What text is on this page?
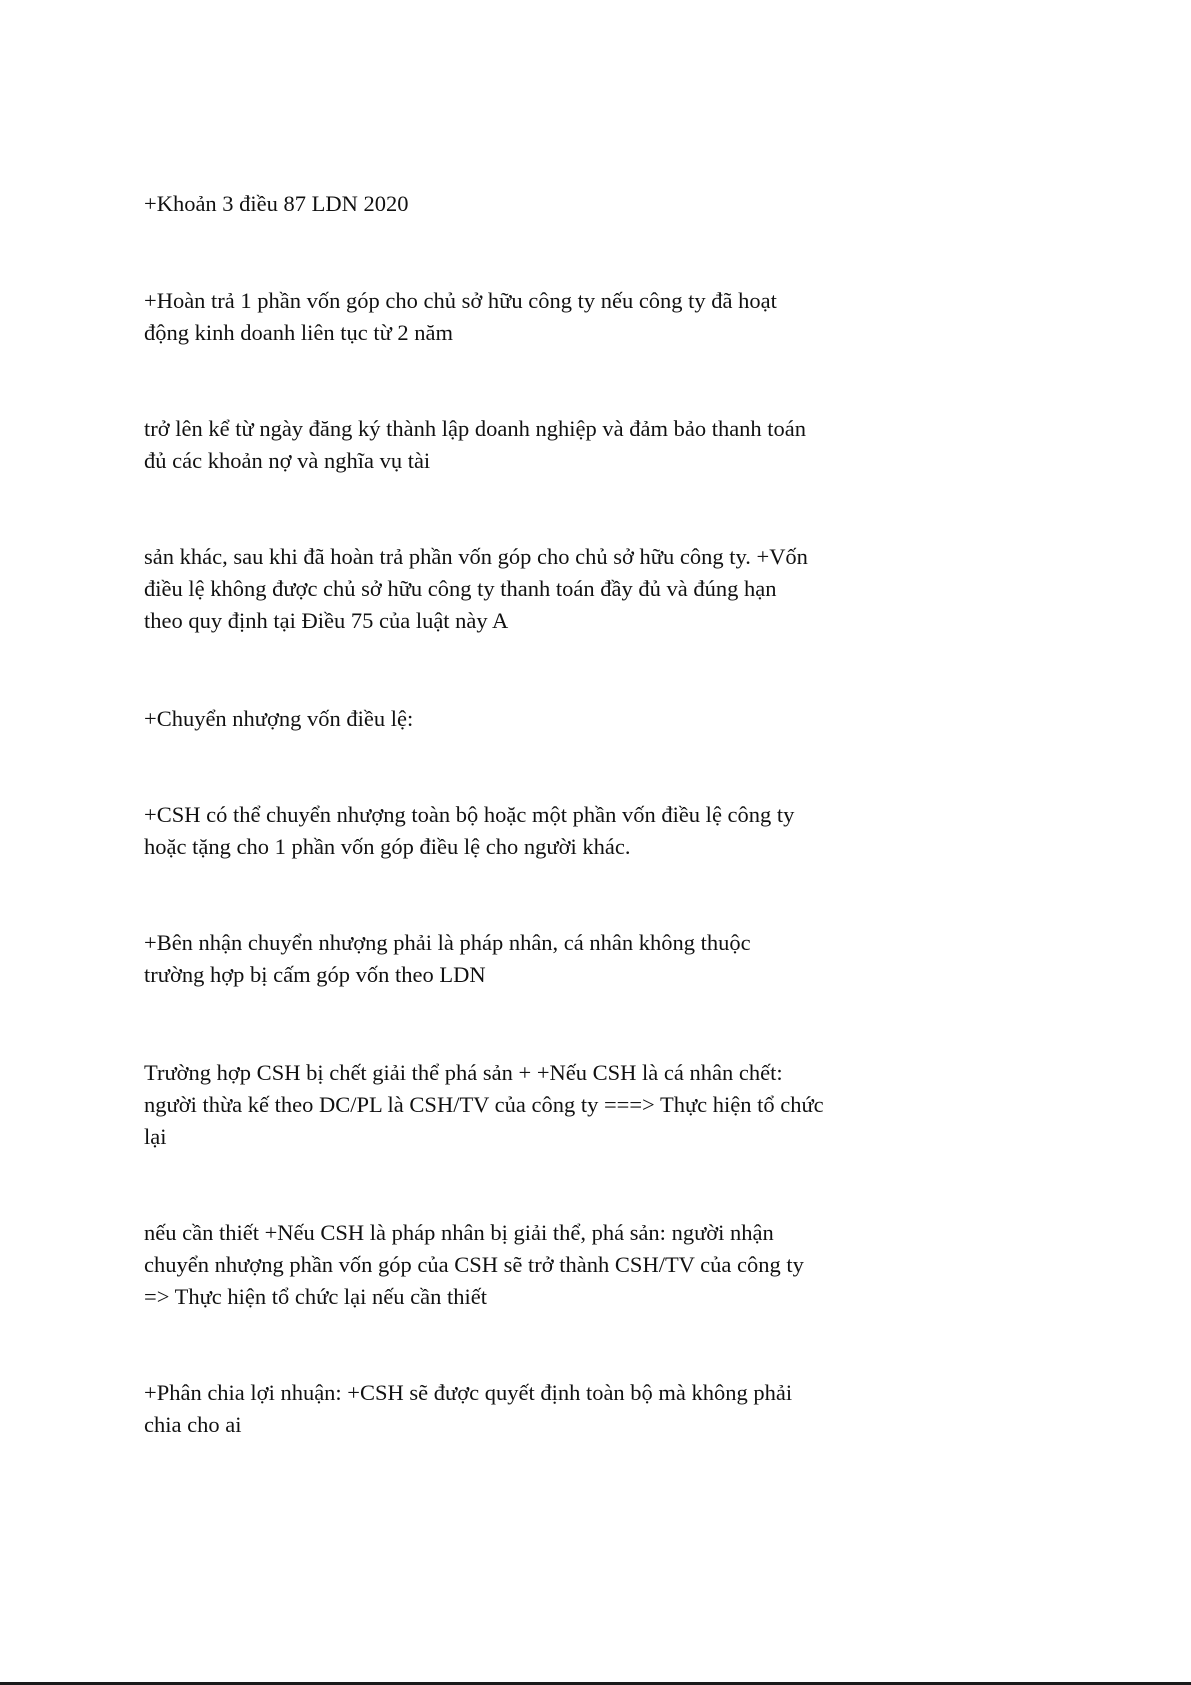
+Khoản 3 điều 87 LDN 2020

+Hoàn trả 1 phần vốn góp cho chủ sở hữu công ty nếu công ty đã hoạt
động kinh doanh liên tục từ 2 năm

trở lên kể từ ngày đăng ký thành lập doanh nghiệp và đảm bảo thanh toán
đủ các khoản nợ và nghĩa vụ tài

sản khác, sau khi đã hoàn trả phần vốn góp cho chủ sở hữu công ty. +Vốn
điều lệ không được chủ sở hữu công ty thanh toán đầy đủ và đúng hạn
theo quy định tại Điều 75 của luật này A

+Chuyển nhượng vốn điều lệ:

+CSH có thể chuyển nhượng toàn bộ hoặc một phần vốn điều lệ công ty
hoặc tặng cho 1 phần vốn góp điều lệ cho người khác.

+Bên nhận chuyển nhượng phải là pháp nhân, cá nhân không thuộc
trường hợp bị cấm góp vốn theo LDN

Trường hợp CSH bị chết giải thể phá sản + +Nếu CSH là cá nhân chết:
người thừa kế theo DC/PL là CSH/TV của công ty ===> Thực hiện tổ chức
lại

nếu cần thiết +Nếu CSH là pháp nhân bị giải thể, phá sản: người nhận
chuyển nhượng phần vốn góp của CSH sẽ trở thành CSH/TV của công ty
=> Thực hiện tổ chức lại nếu cần thiết

+Phân chia lợi nhuận: +CSH sẽ được quyết định toàn bộ mà không phải
chia cho ai
